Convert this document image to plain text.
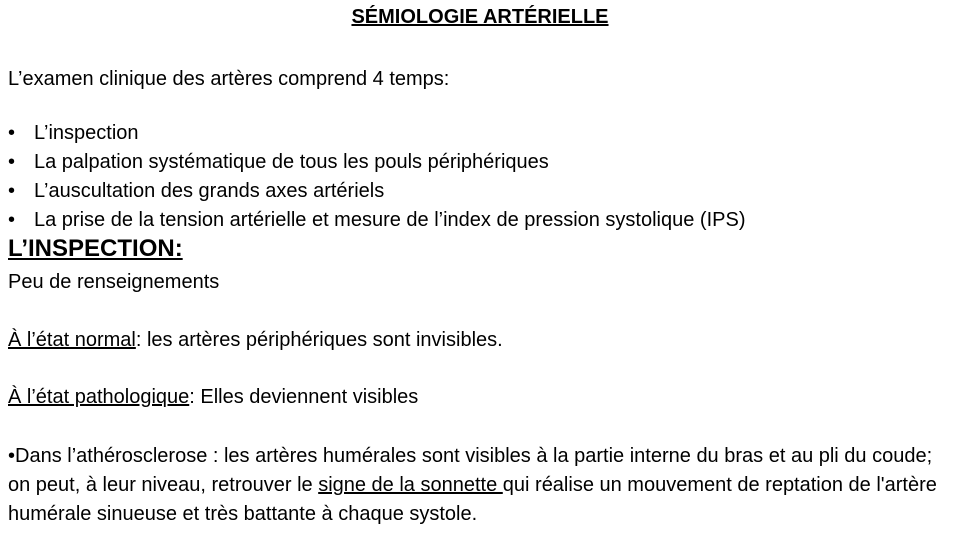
SÉMIOLOGIE ARTÉRIELLE
L’examen clinique des artères comprend 4 temps:
• L’inspection
• La palpation systématique de tous les pouls périphériques
• L’auscultation des grands axes artériels
• La prise de la tension artérielle et mesure de l’index de pression systolique (IPS)
L’INSPECTION:
Peu de renseignements
À l’état normal: les artères périphériques sont invisibles.
À l’état pathologique: Elles deviennent visibles
•Dans l’athérosclerose : les artères humérales sont visibles à la partie interne du bras et au pli du coude; on peut, à leur niveau, retrouver le signe de la sonnette qui réalise un mouvement de reptation de l'artère humérale sinueuse et très battante à chaque systole.
